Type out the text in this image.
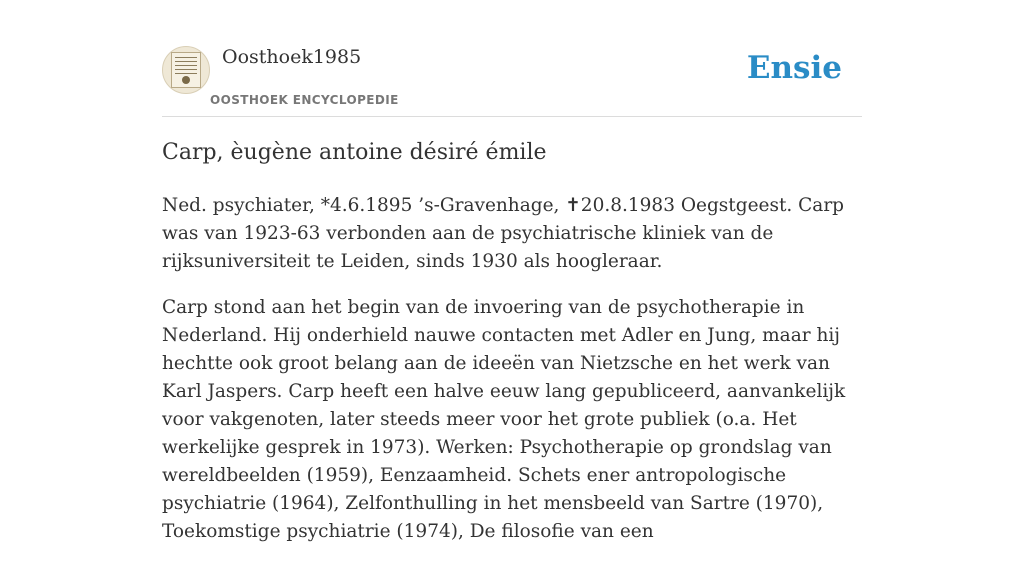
Oosthoek1985
OOSTHOEK ENCYCLOPEDIE
Ensie
Carp, èugène antoine désiré émile

Ned. psychiater, *4.6.1895 ’s-Gravenhage, ✝20.8.1983 Oegstgeest. Carp was van 1923-63 verbonden aan de psychiatrische kliniek van de rijksuniversiteit te Leiden, sinds 1930 als hoogleraar.

Carp stond aan het begin van de invoering van de psychotherapie in Nederland. Hij onderhield nauwe contacten met Adler en Jung, maar hij hechtte ook groot belang aan de ideeën van Nietzsche en het werk van Karl Jaspers. Carp heeft een halve eeuw lang gepubliceerd, aanvankelijk voor vakgenoten, later steeds meer voor het grote publiek (o.a. Het werkelijke gesprek in 1973). Werken: Psychotherapie op grondslag van wereldbeelden (1959), Eenzaamheid. Schets ener antropologische psychiatrie (1964), Zelfonthulling in het mensbeeld van Sartre (1970), Toekomstige psychiatrie (1974), De filosofie van een
